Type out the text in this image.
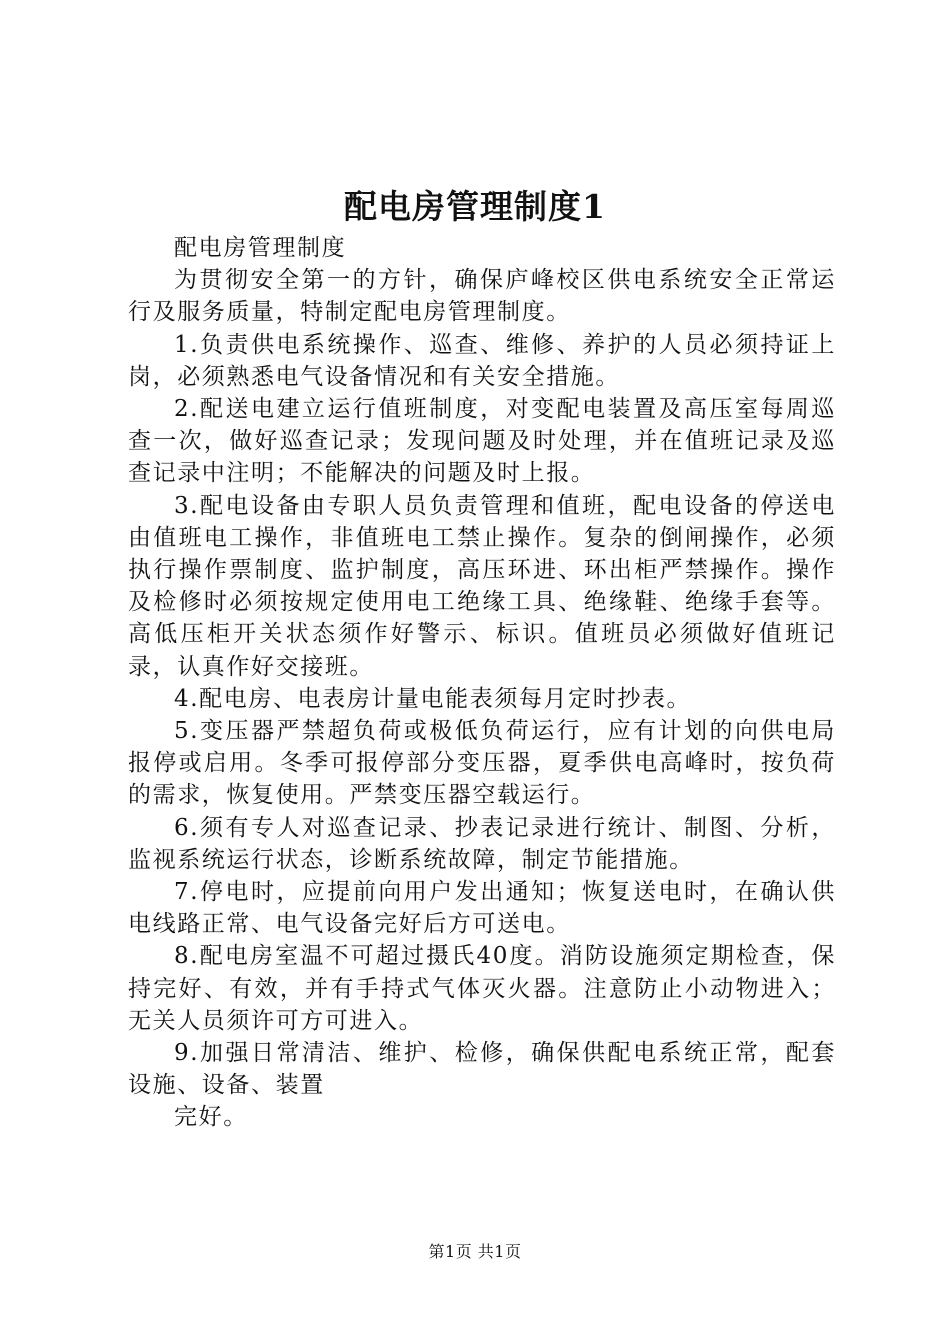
配电房管理制度1

配电房管理制度

为贯彻安全第一的方针，确保庐峰校区供电系统安全正常运行及服务质量，特制定配电房管理制度。

1.负责供电系统操作、巡查、维修、养护的人员必须持证上岗，必须熟悉电气设备情况和有关安全措施。

2.配送电建立运行值班制度，对变配电装置及高压室每周巡查一次，做好巡查记录；发现问题及时处理，并在值班记录及巡查记录中注明；不能解决的问题及时上报。

3.配电设备由专职人员负责管理和值班，配电设备的停送电由值班电工操作，非值班电工禁止操作。复杂的倒闸操作，必须执行操作票制度、监护制度，高压环进、环出柜严禁操作。操作及检修时必须按规定使用电工绝缘工具、绝缘鞋、绝缘手套等。高低压柜开关状态须作好警示、标识。值班员必须做好值班记录，认真作好交接班。

4.配电房、电表房计量电能表须每月定时抄表。

5.变压器严禁超负荷或极低负荷运行，应有计划的向供电局报停或启用。冬季可报停部分变压器，夏季供电高峰时，按负荷的需求，恢复使用。严禁变压器空载运行。

6.须有专人对巡查记录、抄表记录进行统计、制图、分析，监视系统运行状态，诊断系统故障，制定节能措施。

7.停电时，应提前向用户发出通知；恢复送电时，在确认供电线路正常、电气设备完好后方可送电。

8.配电房室温不可超过摄氏40度。消防设施须定期检查，保持完好、有效，并有手持式气体灭火器。注意防止小动物进入；无关人员须许可方可进入。

9.加强日常清洁、维护、检修，确保供配电系统正常，配套设施、设备、装置

完好。

第1页 共1页
